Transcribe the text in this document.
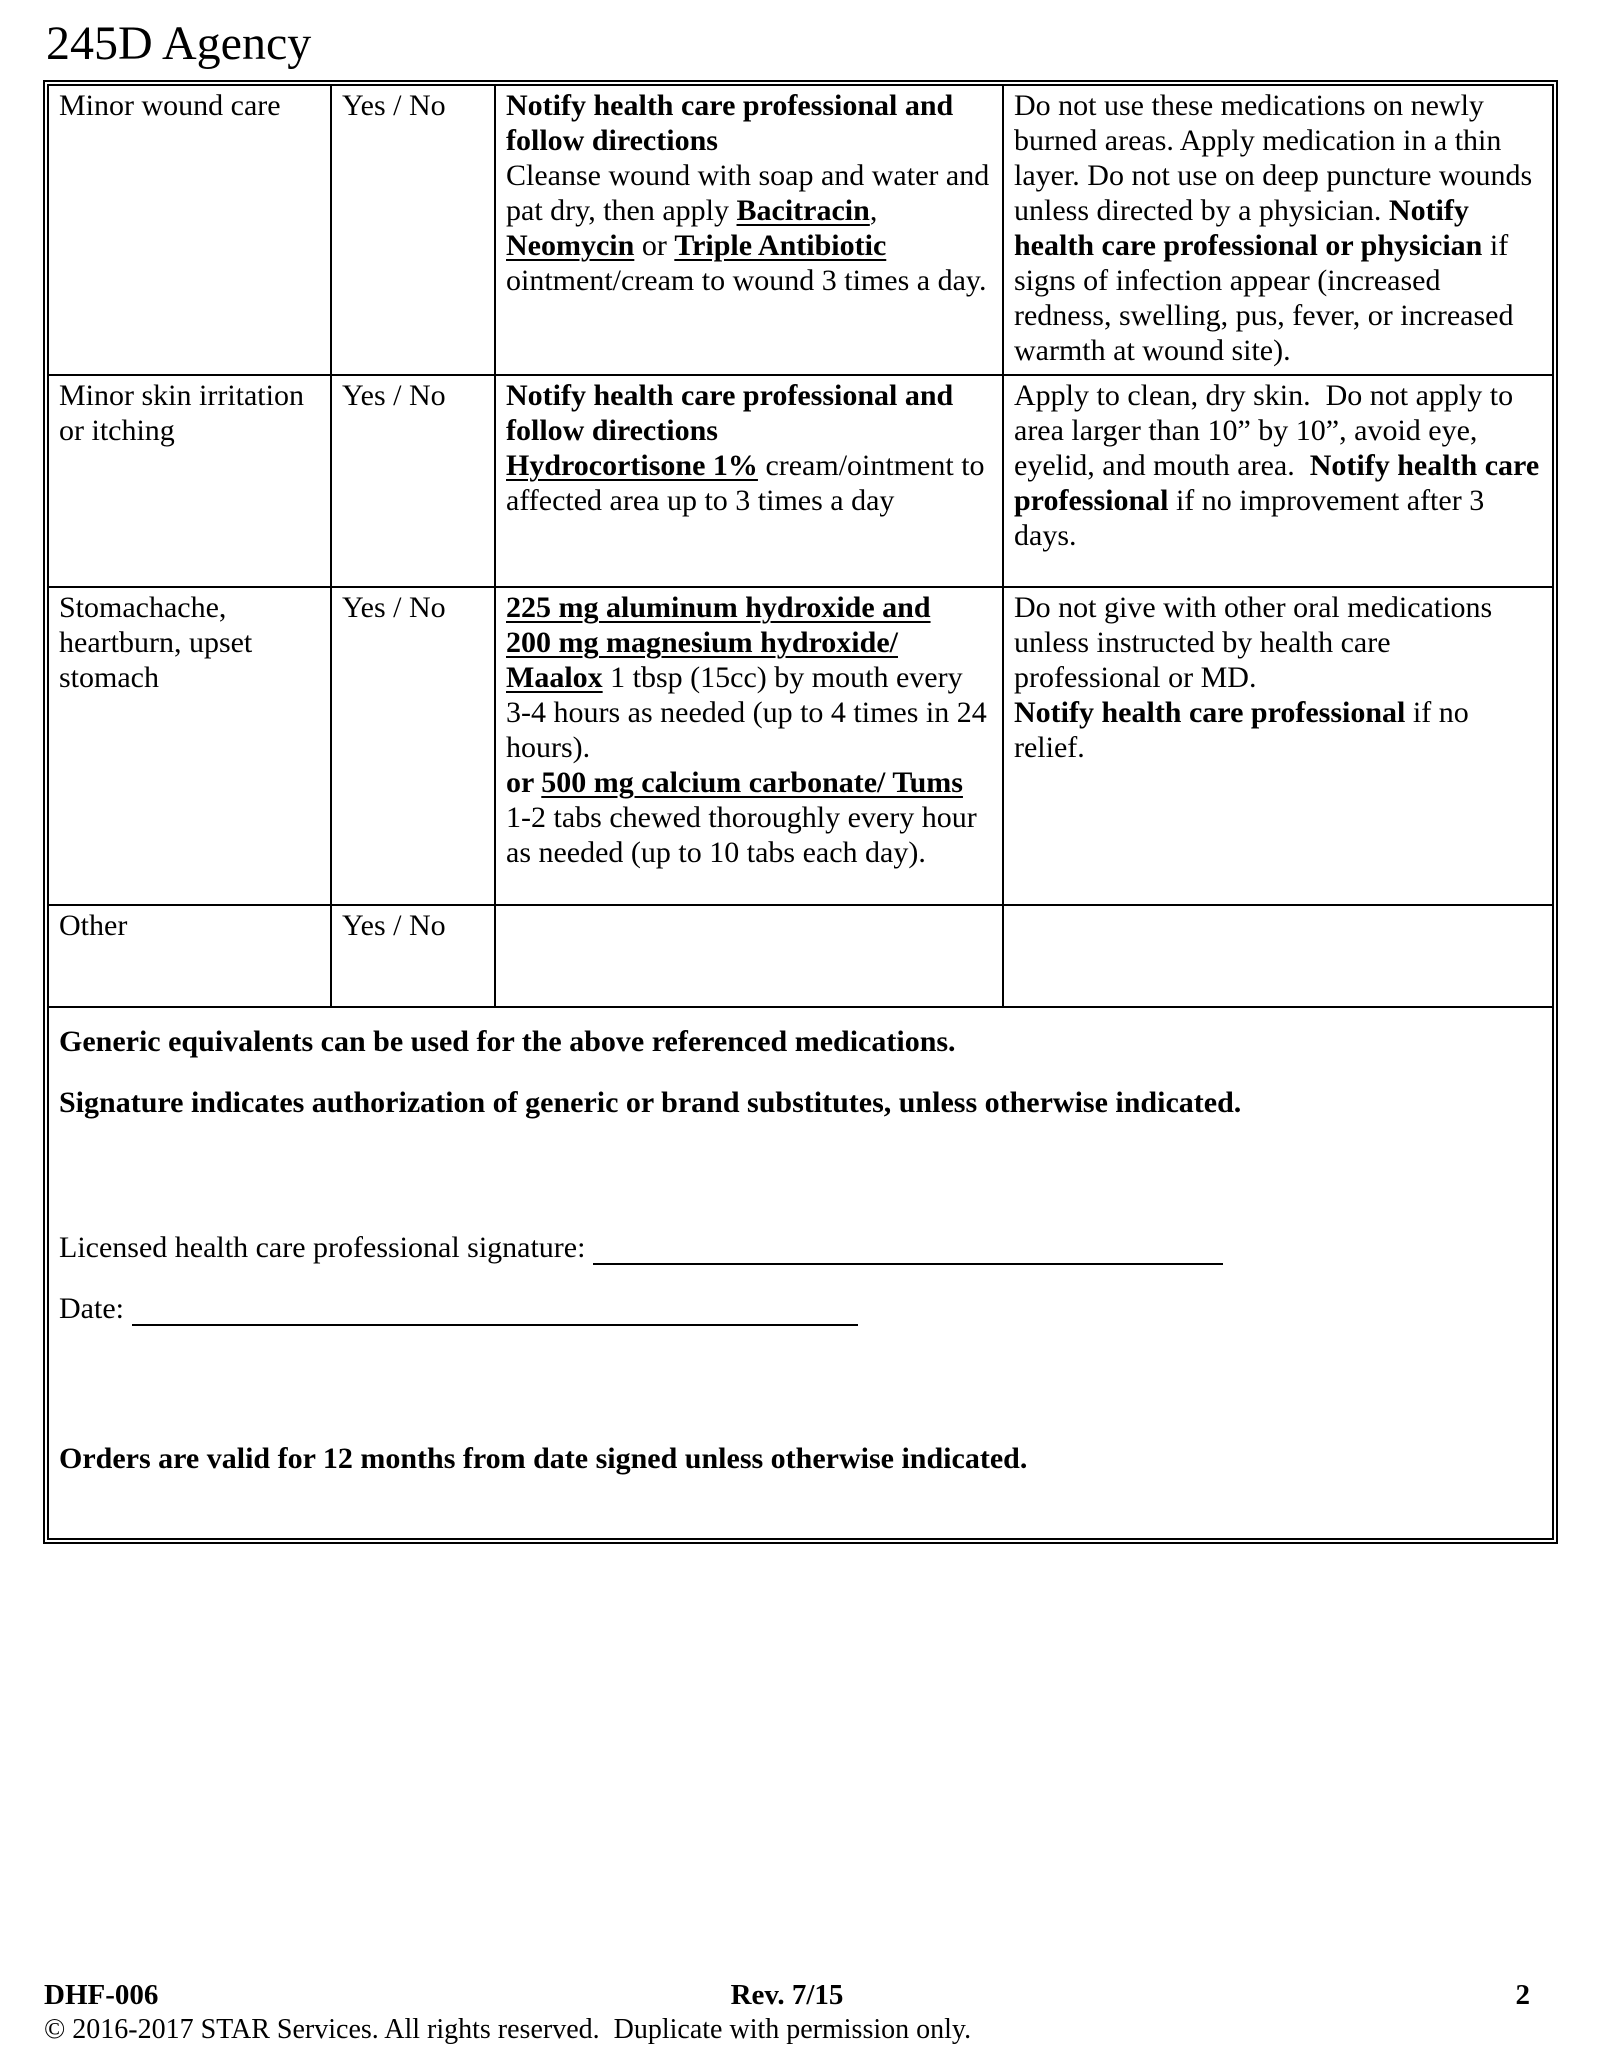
245D Agency
Minor wound care	Yes / No	Notify health care professional and follow directions
Cleanse wound with soap and water and pat dry, then apply Bacitracin, Neomycin or Triple Antibiotic ointment/cream to wound 3 times a day.	Do not use these medications on newly burned areas. Apply medication in a thin layer. Do not use on deep puncture wounds unless directed by a physician. Notify health care professional or physician if signs of infection appear (increased redness, swelling, pus, fever, or increased warmth at wound site).
Minor skin irritation or itching	Yes / No	Notify health care professional and follow directions
Hydrocortisone 1% cream/ointment to affected area up to 3 times a day	Apply to clean, dry skin.  Do not apply to area larger than 10” by 10”, avoid eye, eyelid, and mouth area.  Notify health care professional if no improvement after 3 days.
Stomachache, heartburn, upset stomach	Yes / No	225 mg aluminum hydroxide and
200 mg magnesium hydroxide/
Maalox 1 tbsp (15cc) by mouth every 3-4 hours as needed (up to 4 times in 24 hours).
or 500 mg calcium carbonate/ Tums 1-2 tabs chewed thoroughly every hour as needed (up to 10 tabs each day).	Do not give with other oral medications unless instructed by health care professional or MD.
Notify health care professional if no relief.
Other	Yes / No		

Generic equivalents can be used for the above referenced medications.

Signature indicates authorization of generic or brand substitutes, unless otherwise indicated.

Licensed health care professional signature:

Date:

Orders are valid for 12 months from date signed unless otherwise indicated.			

DHF-006	Rev. 7/15	2
© 2016-2017 STAR Services. All rights reserved.  Duplicate with permission only.
